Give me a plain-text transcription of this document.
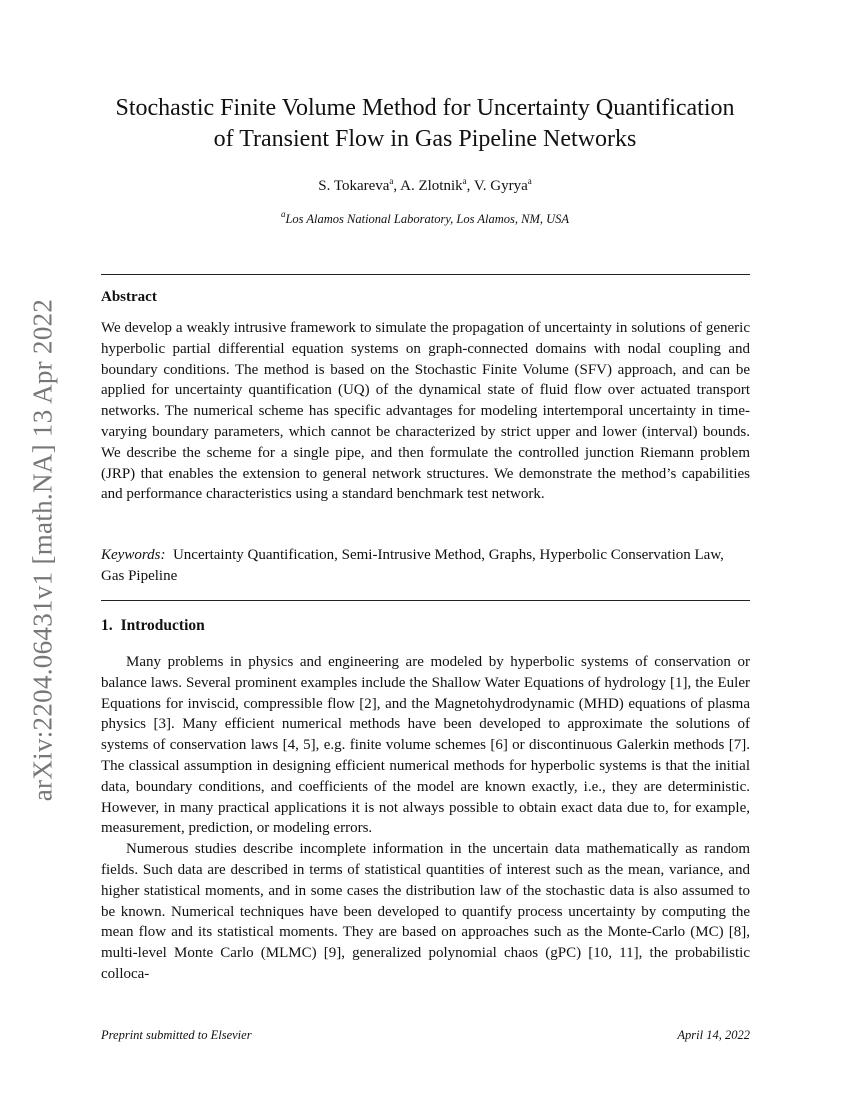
arXiv:2204.06431v1 [math.NA] 13 Apr 2022
Stochastic Finite Volume Method for Uncertainty Quantification
of Transient Flow in Gas Pipeline Networks
S. Tokareva$^a$, A. Zlotnik$^a$, V. Gyrya$^a$
$^a$Los Alamos National Laboratory, Los Alamos, NM, USA
Abstract
We develop a weakly intrusive framework to simulate the propagation of uncertainty in solutions of generic hyperbolic partial differential equation systems on graph-connected domains with nodal coupling and boundary conditions. The method is based on the Stochastic Finite Volume (SFV) approach, and can be applied for uncertainty quantification (UQ) of the dynamical state of fluid flow over actuated transport networks. The numerical scheme has specific advantages for modeling intertemporal uncertainty in time-varying boundary parameters, which cannot be characterized by strict upper and lower (interval) bounds. We describe the scheme for a single pipe, and then formulate the controlled junction Riemann problem (JRP) that enables the extension to general network structures. We demonstrate the method’s capabilities and performance characteristics using a standard benchmark test network.
Keywords: Uncertainty Quantification, Semi-Intrusive Method, Graphs, Hyperbolic Conservation Law, Gas Pipeline
1. Introduction

Many problems in physics and engineering are modeled by hyperbolic systems of conservation or balance laws. Several prominent examples include the Shallow Water Equations of hydrology [1], the Euler Equations for inviscid, compressible flow [2], and the Magnetohydrodynamic (MHD) equations of plasma physics [3]. Many efficient numerical methods have been developed to approximate the solutions of systems of conservation laws [4, 5], e.g. finite volume schemes [6] or discontinuous Galerkin methods [7]. The classical assumption in designing efficient numerical methods for hyperbolic systems is that the initial data, boundary conditions, and coefficients of the model are known exactly, i.e., they are deterministic. However, in many practical applications it is not always possible to obtain exact data due to, for example, measurement, prediction, or modeling errors.

Numerous studies describe incomplete information in the uncertain data mathematically as random fields. Such data are described in terms of statistical quantities of interest such as the mean, variance, and higher statistical moments, and in some cases the distribution law of the stochastic data is also assumed to be known. Numerical techniques have been developed to quantify process uncertainty by computing the mean flow and its statistical moments. They are based on approaches such as the Monte-Carlo (MC) [8], multi-level Monte Carlo (MLMC) [9], generalized polynomial chaos (gPC) [10, 11], the probabilistic colloca-

Preprint submitted to Elsevier	April 14, 2022
